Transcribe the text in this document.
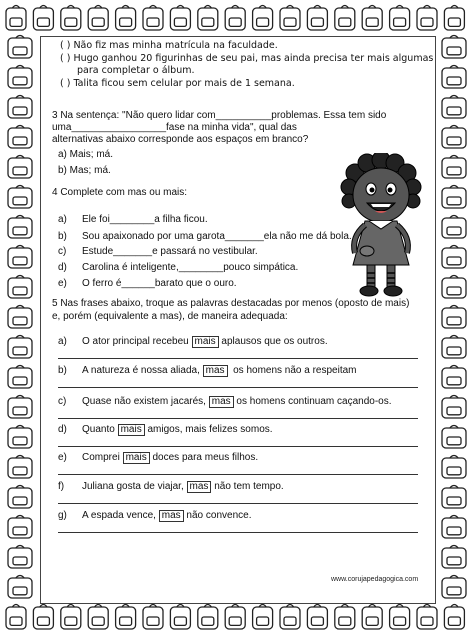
( ) Não fiz mas minha matrícula na faculdade.
( ) Hugo ganhou 20 figurinhas de seu pai, mas ainda precisa ter mais algumas
para completar o álbum.
( ) Talita ficou sem celular por mais de 1 semana.
3 Na sentença: "Não quero lidar com__________problemas. Essa tem sido
uma_________________fase na minha vida", qual das
alternativas abaixo corresponde aos espaços em branco?
a) Mais; má.
b) Mas; má.
4 Complete com mas ou mais:
a) Ele foi________a filha ficou.
b) Sou apaixonado por uma garota_______ela não me dá bola.
c) Estude_______e passará no vestibular.
d) Carolina é inteligente,________pouco simpática.
e) O ferro é______barato que o ouro.
5 Nas frases abaixo, troque as palavras destacadas por menos (oposto de mais)
e, porém (equivalente a mas), de maneira adequada:
a) O ator principal recebeu mais aplausos que os outros.
b) A natureza é nossa aliada, mas  os homens não a respeitam
c) Quase não existem jacarés, mas os homens continuam caçando-os.
d) Quanto mais amigos, mais felizes somos.
e) Comprei mais doces para meus filhos.
f) Juliana gosta de viajar, mas não tem tempo.
g) A espada vence, mas não convence.
www.corujapedagogica.com
